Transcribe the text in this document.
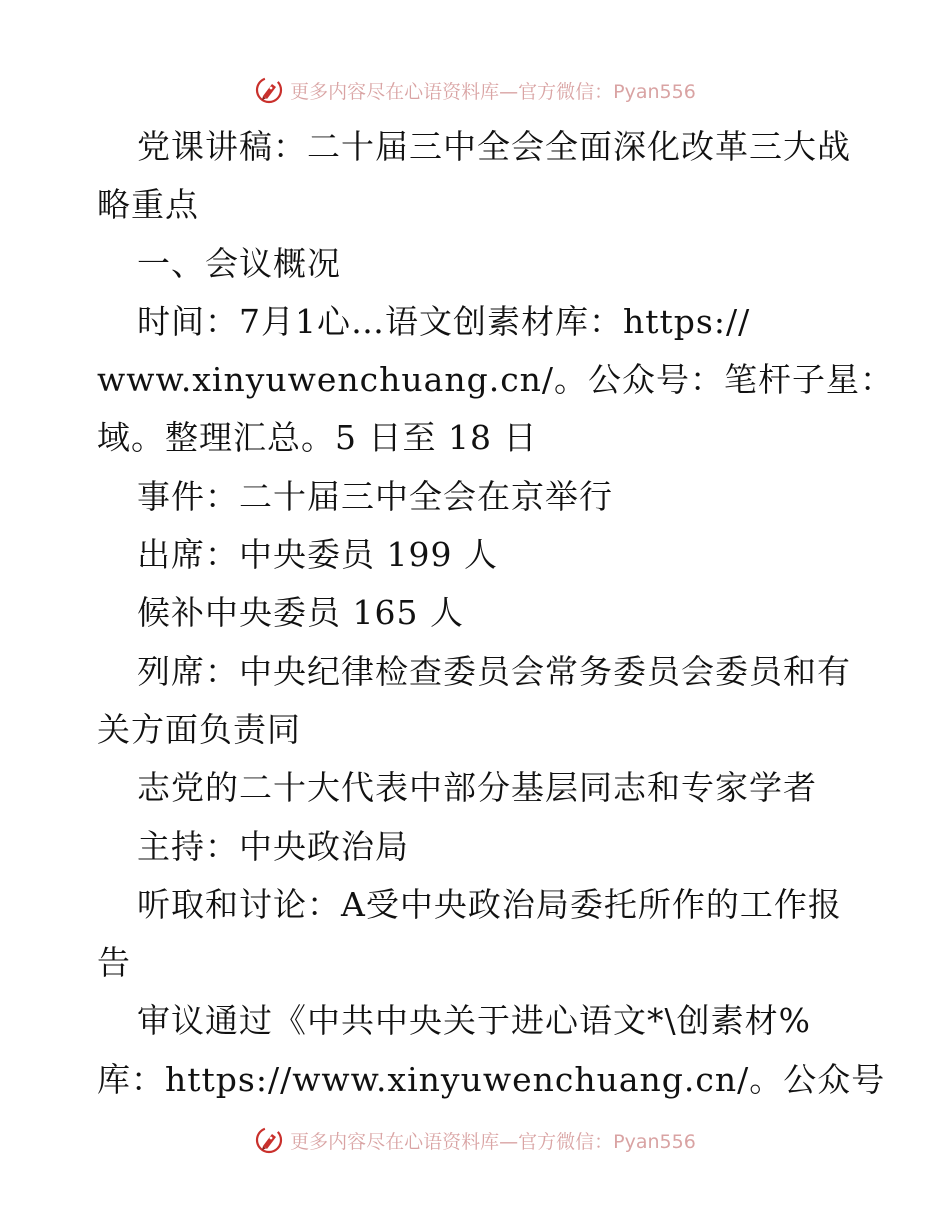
更多内容尽在心语资料库—官方微信：Pyan556
党课讲稿：二十届三中全会全面深化改革三大战
略重点
一、会议概况
时间：7月1心…语文创素材库：https://
www.xinyuwenchuang.cn/。公众号：笔杆子星：
域。整理汇总。5 日至 18 日
事件：二十届三中全会在京举行
出席：中央委员 199 人
候补中央委员 165 人
列席：中央纪律检查委员会常务委员会委员和有
关方面负责同
志党的二十大代表中部分基层同志和专家学者
主持：中央政治局
听取和讨论：A受中央政治局委托所作的工作报
告
审议通过《中共中央关于进心语文*\创素材%
库：https://www.xinyuwenchuang.cn/。公众号
更多内容尽在心语资料库—官方微信：Pyan556
